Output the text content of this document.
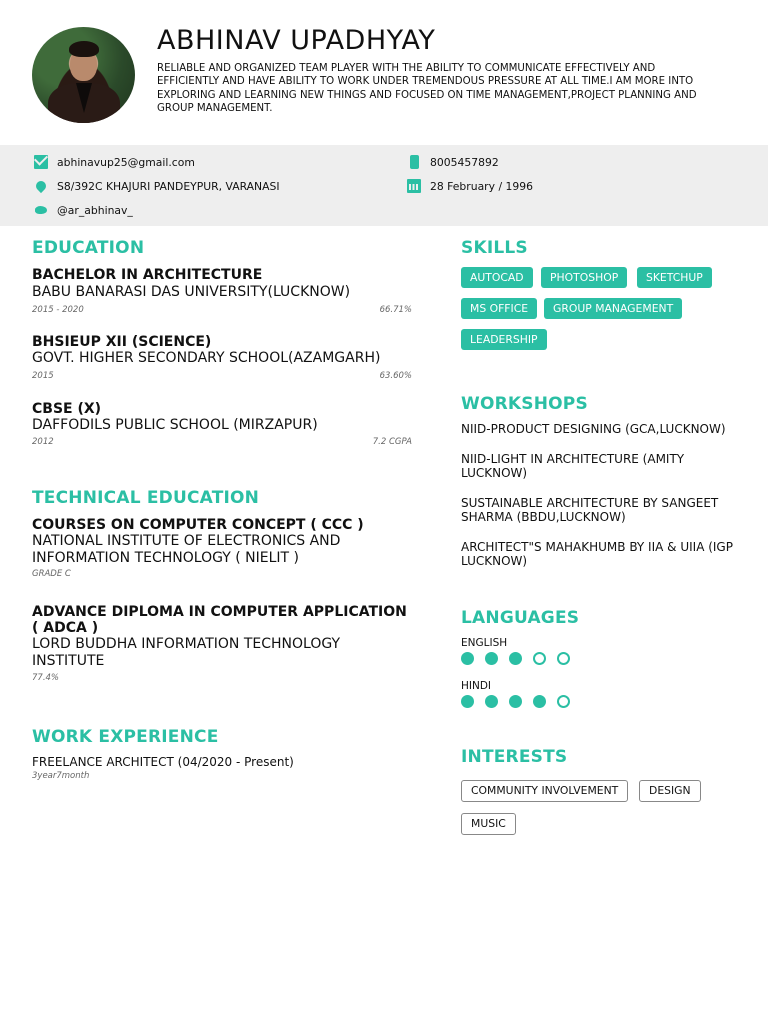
ABHINAV UPADHYAY
RELIABLE AND ORGANIZED TEAM PLAYER WITH THE ABILITY TO COMMUNICATE EFFECTIVELY AND EFFICIENTLY AND HAVE ABILITY TO WORK UNDER TREMENDOUS PRESSURE AT ALL TIME.I AM MORE INTO EXPLORING AND LEARNING NEW THINGS AND FOCUSED ON TIME MANAGEMENT,PROJECT PLANNING AND GROUP MANAGEMENT.
abhinavup25@gmail.com
S8/392C KHAJURI PANDEYPUR, VARANASI
@ar_abhinav_
8005457892
28 February / 1996
EDUCATION
BACHELOR IN ARCHITECTURE
BABU BANARASI DAS UNIVERSITY(LUCKNOW)
2015 - 2020	66.71%
BHSIEUP XII (SCIENCE)
GOVT. HIGHER SECONDARY SCHOOL(AZAMGARH)
2015	63.60%
CBSE (X)
DAFFODILS PUBLIC SCHOOL (MIRZAPUR)
2012	7.2 CGPA
TECHNICAL EDUCATION
COURSES ON COMPUTER CONCEPT ( CCC )
NATIONAL INSTITUTE OF ELECTRONICS AND INFORMATION TECHNOLOGY ( NIELIT )
GRADE C
ADVANCE DIPLOMA IN COMPUTER APPLICATION ( ADCA )
LORD BUDDHA INFORMATION TECHNOLOGY INSTITUTE
77.4%
WORK EXPERIENCE
FREELANCE ARCHITECT (04/2020 - Present)
3year7month
SKILLS
AUTOCAD	PHOTOSHOP	SKETCHUP
MS OFFICE	GROUP MANAGEMENT
LEADERSHIP
WORKSHOPS
NIID-PRODUCT DESIGNING (GCA,LUCKNOW)
NIID-LIGHT IN ARCHITECTURE (AMITY LUCKNOW)
SUSTAINABLE ARCHITECTURE BY SANGEET SHARMA (BBDU,LUCKNOW)
ARCHITECT"S MAHAKHUMB BY IIA & UIIA (IGP LUCKNOW)
LANGUAGES
ENGLISH
HINDI
INTERESTS
COMMUNITY INVOLVEMENT	DESIGN
MUSIC
